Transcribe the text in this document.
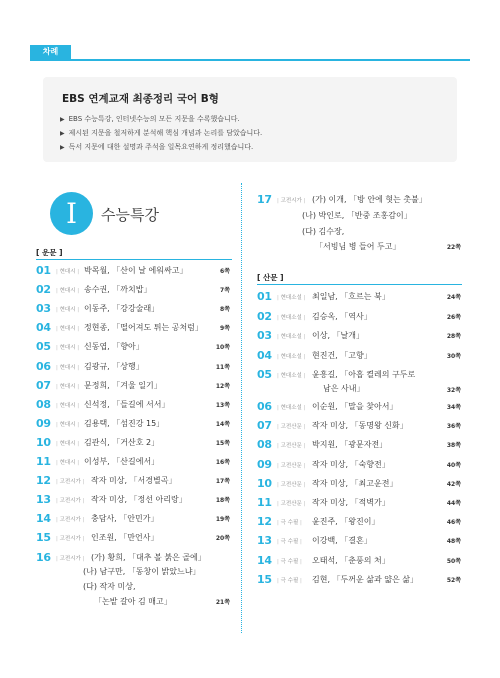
차례
EBS 연계교재 최종정리 국어 B형
▶ EBS 수능특강, 인터넷수능의 모든 지문을 수록했습니다.
▶ 제시된 지문을 철저하게 분석해 핵심 개념과 논리를 담았습니다.
▶ 독서 지문에 대한 설명과 주석을 일목요연하게 정리했습니다.
Ⅰ	수능특강
[ 운문 ]
01	| 현대시 |	박목월, 「산이 날 에워싸고」	6쪽
02	| 현대시 |	송수권, 「까치밥」	7쪽
03	| 현대시 |	이동주, 「강강술래」	8쪽
04	| 현대시 |	정현종, 「떨어져도 튀는 공처럼」	9쪽
05	| 현대시 |	신동엽, 「향아」	10쪽
06	| 현대시 |	김광규, 「상행」	11쪽
07	| 현대시 |	문정희, 「겨울 일기」	12쪽
08	| 현대시 |	신석정, 「들길에 서서」	13쪽
09	| 현대시 |	김용택, 「섬진강 15」	14쪽
10	| 현대시 |	김관식, 「거산호 2」	15쪽
11	| 현대시 |	이성부, 「산길에서」	16쪽
12	| 고전시가 |	작자 미상, 「서경별곡」	17쪽
13	| 고전시가 |	작자 미상, 「정선 아리랑」	18쪽
14	| 고전시가 |	충담사, 「안민가」	19쪽
15	| 고전시가 |	인조원, 「만언사」	20쪽
16	| 고전시가 |	(가) 황희, 「대추 볼 붉은 골에」
(나) 남구만, 「동창이 밝았느냐」
(다) 작자 미상,
「논밭 갈아 김 매고」	21쪽
17	| 고전시가 |	(가) 이개, 「방 안에 혓는 촛불」
(나) 박인로, 「반중 조홍감이」
(다) 김수장,
「서빙님 병 들어 두고」	22쪽
[ 산문 ]
01	| 현대소설 |	최일남, 「흐르는 북」	24쪽
02	| 현대소설 |	김승옥, 「역사」	26쪽
03	| 현대소설 |	이상, 「날개」	28쪽
04	| 현대소설 |	현진건, 「고향」	30쪽
05	| 현대소설 |	윤흥길, 「아홉 켤레의 구두로
남은 사내」	32쪽
06	| 현대소설 |	이순원, 「말을 찾아서」	34쪽
07	| 고전산문 |	작자 미상, 「동명왕 신화」	36쪽
08	| 고전산문 |	박지원, 「광문자전」	38쪽
09	| 고전산문 |	작자 미상, 「숙향전」	40쪽
10	| 고전산문 |	작자 미상, 「최고운전」	42쪽
11	| 고전산문 |	작자 미상, 「적벽가」	44쪽
12	| 극 수필 |	윤진주, 「왕진이」	46쪽
13	| 극 수필 |	이강백, 「결혼」	48쪽
14	| 극 수필 |	오태석, 「춘풍의 처」	50쪽
15	| 극 수필 |	김현, 「두꺼운 삶과 얇은 삶」	52쪽
